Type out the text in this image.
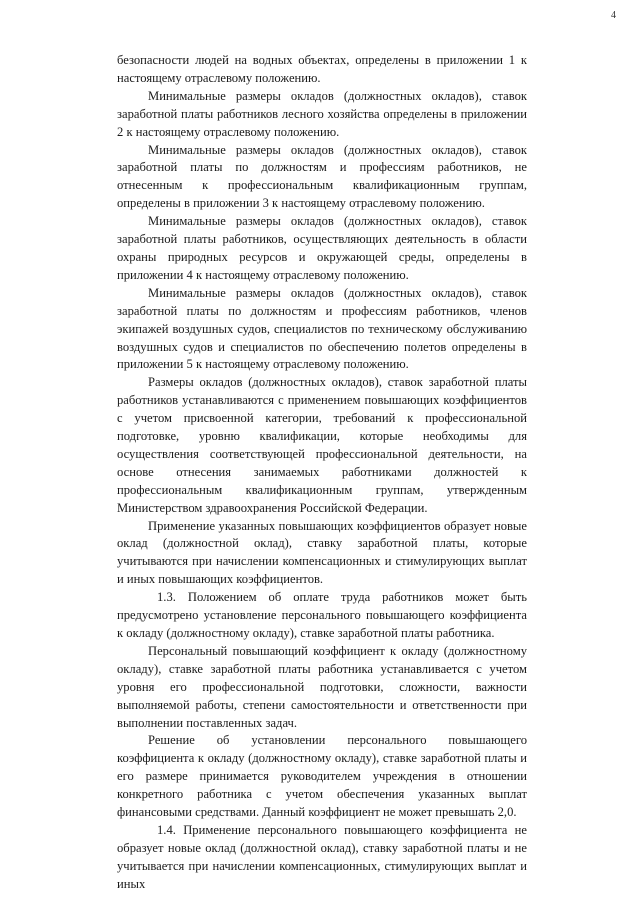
4

безопасности людей на водных объектах, определены в приложении 1 к настоящему отраслевому положению.

Минимальные размеры окладов (должностных окладов), ставок заработной платы работников лесного хозяйства определены в приложении 2 к настоящему отраслевому положению.

Минимальные размеры окладов (должностных окладов), ставок заработной платы по должностям и профессиям работников, не отнесенным к профессиональным квалификационным группам, определены в приложении 3 к настоящему отраслевому положению.

Минимальные размеры окладов (должностных окладов), ставок заработной платы работников, осуществляющих деятельность в области охраны природных ресурсов и окружающей среды, определены в приложении 4 к настоящему отраслевому положению.

Минимальные размеры окладов (должностных окладов), ставок заработной платы по должностям и профессиям работников, членов экипажей воздушных судов, специалистов по техническому обслуживанию воздушных судов и специалистов по обеспечению полетов определены в приложении 5 к настоящему отраслевому положению.

Размеры окладов (должностных окладов), ставок заработной платы работников устанавливаются с применением повышающих коэффициентов с учетом присвоенной категории, требований к профессиональной подготовке, уровню квалификации, которые необходимы для осуществления соответствующей профессиональной деятельности, на основе отнесения занимаемых работниками должностей к профессиональным квалификационным группам, утвержденным Министерством здравоохранения Российской Федерации.

Применение указанных повышающих коэффициентов образует новые оклад (должностной оклад), ставку заработной платы, которые учитываются при начислении компенсационных и стимулирующих выплат и иных повышающих коэффициентов.

1.3. Положением об оплате труда работников может быть предусмотрено установление персонального повышающего коэффициента к окладу (должностному окладу), ставке заработной платы работника.

Персональный повышающий коэффициент к окладу (должностному окладу), ставке заработной платы работника устанавливается с учетом уровня его профессиональной подготовки, сложности, важности выполняемой работы, степени самостоятельности и ответственности при выполнении поставленных задач.

Решение об установлении персонального повышающего коэффициента к окладу (должностному окладу), ставке заработной платы и его размере принимается руководителем учреждения в отношении конкретного работника с учетом обеспечения указанных выплат финансовыми средствами. Данный коэффициент не может превышать 2,0.

1.4. Применение персонального повышающего коэффициента не образует новые оклад (должностной оклад), ставку заработной платы и не учитывается при начислении компенсационных, стимулирующих выплат и иных
